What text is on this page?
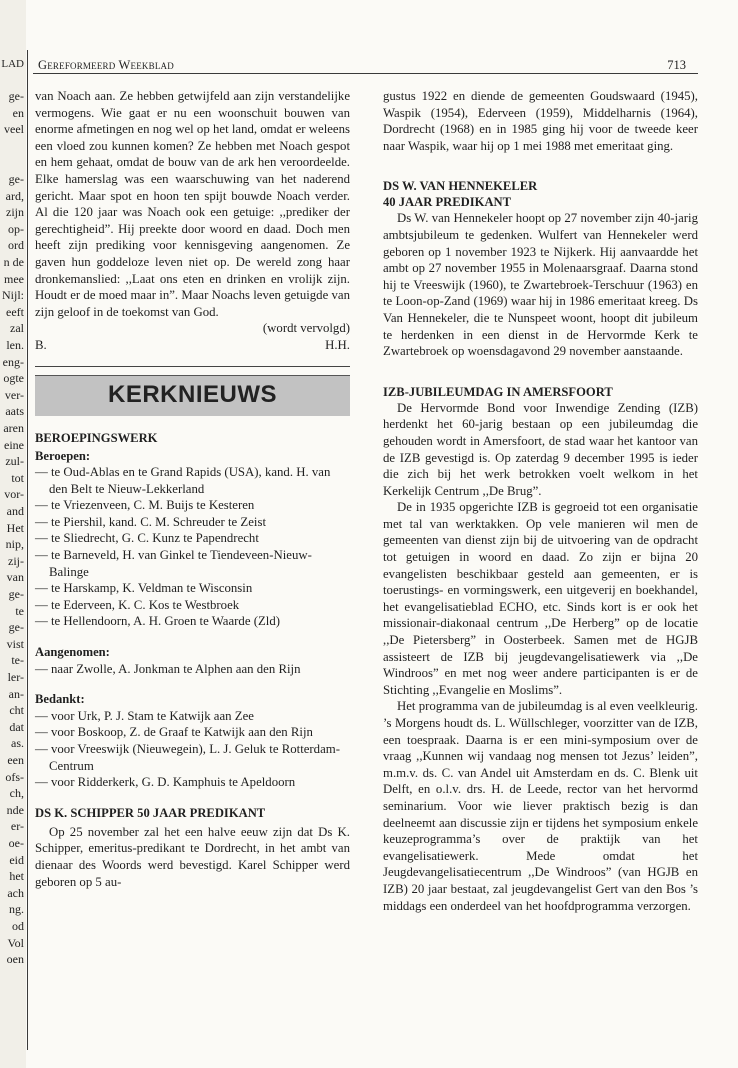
LAD
ge-
en
veel
ge-
ard,
zijn
op-
ord
n de
mee
Nijl:
eeft
zal
len.
eng-
ogte
ver-
aats
aren
eine
zul-
tot
vor-
and
Het
nip,
zij-
van
ge-
te
ge-
vist
te-
ler-
an-
cht
dat
as.
een
ofs-
ch,
nde
er-
oe-
eid
het
ach
ng.
od
Vol
oen
Gereformeerd Weekblad	713

van Noach aan. Ze hebben getwijfeld aan zijn verstandelijke vermogens. Wie gaat er nu een woonschuit bouwen van enorme afmetingen en nog wel op het land, omdat er weleens een vloed zou kunnen komen? Ze hebben met Noach gespot en hem gehaat, omdat de bouw van de ark hen veroordeelde. Elke hamerslag was een waarschuwing van het naderend gericht. Maar spot en hoon ten spijt bouwde Noach verder. Al die 120 jaar was Noach ook een getuige: ,,prediker der gerechtigheid”. Hij preekte door woord en daad. Doch men heeft zijn prediking voor kennisgeving aangenomen. Ze gaven hun goddeloze leven niet op. De wereld zong haar dronkemanslied: ,,Laat ons eten en drinken en vrolijk zijn. Houdt er de moed maar in”. Maar Noachs leven getuigde van zijn geloof in de toekomst van God.

(wordt vervolgd)
B.	H.H.
KERKNIEUWS

BEROEPINGSWERK

Beroepen:

— te Oud-Ablas en te Grand Rapids (USA), kand. H. van den Belt te Nieuw-Lekkerland
— te Vriezenveen, C. M. Buijs te Kesteren
— te Piershil, kand. C. M. Schreuder te Zeist
— te Sliedrecht, G. C. Kunz te Papendrecht
— te Barneveld, H. van Ginkel te Tiendeveen-Nieuw-Balinge
— te Harskamp, K. Veldman te Wisconsin
— te Ederveen, K. C. Kos te Westbroek
— te Hellendoorn, A. H. Groen te Waarde (Zld)

Aangenomen:

— naar Zwolle, A. Jonkman te Alphen aan den Rijn

Bedankt:

— voor Urk, P. J. Stam te Katwijk aan Zee
— voor Boskoop, Z. de Graaf te Katwijk aan den Rijn
— voor Vreeswijk (Nieuwegein), L. J. Geluk te Rotterdam-Centrum
— voor Ridderkerk, G. D. Kamphuis te Apeldoorn

DS K. SCHIPPER 50 JAAR PREDIKANT

Op 25 november zal het een halve eeuw zijn dat Ds K. Schipper, emeritus-predikant te Dordrecht, in het ambt van dienaar des Woords werd bevestigd. Karel Schipper werd geboren op 5 au-

gustus 1922 en diende de gemeenten Goudswaard (1945), Waspik (1954), Ederveen (1959), Middelharnis (1964), Dordrecht (1968) en in 1985 ging hij voor de tweede keer naar Waspik, waar hij op 1 mei 1988 met emeritaat ging.

DS W. VAN HENNEKELER

40 JAAR PREDIKANT

Ds W. van Hennekeler hoopt op 27 november zijn 40-jarig ambtsjubileum te gedenken. Wulfert van Hennekeler werd geboren op 1 november 1923 te Nijkerk. Hij aanvaardde het ambt op 27 november 1955 in Molenaarsgraaf. Daarna stond hij te Vreeswijk (1960), te Zwartebroek-Terschuur (1963) en te Loon-op-Zand (1969) waar hij in 1986 emeritaat kreeg. Ds Van Hennekeler, die te Nunspeet woont, hoopt dit jubileum te herdenken in een dienst in de Hervormde Kerk te Zwartebroek op woensdagavond 29 november aanstaande.

IZB-JUBILEUMDAG IN AMERSFOORT

De Hervormde Bond voor Inwendige Zending (IZB) herdenkt het 60-jarig bestaan op een jubileumdag die gehouden wordt in Amersfoort, de stad waar het kantoor van de IZB gevestigd is. Op zaterdag 9 december 1995 is ieder die zich bij het werk betrokken voelt welkom in het Kerkelijk Centrum ,,De Brug”.

De in 1935 opgerichte IZB is gegroeid tot een organisatie met tal van werktakken. Op vele manieren wil men de gemeenten van dienst zijn bij de uitvoering van de opdracht tot getuigen in woord en daad. Zo zijn er bijna 20 evangelisten beschikbaar gesteld aan gemeenten, er is toerustings- en vormingswerk, een uitgeverij en boekhandel, het evangelisatieblad ECHO, etc. Sinds kort is er ook het missionair-diakonaal centrum ,,De Herberg” op de locatie ,,De Pietersberg” in Oosterbeek. Samen met de HGJB assisteert de IZB bij jeugdevangelisatiewerk via ,,De Windroos” en met nog weer andere participanten is er de Stichting ,,Evangelie en Moslims”.

Het programma van de jubileumdag is al even veelkleurig. ’s Morgens houdt ds. L. Wüllschleger, voorzitter van de IZB, een toespraak. Daarna is er een mini-symposium over de vraag ,,Kunnen wij vandaag nog mensen tot Jezus’ leiden”, m.m.v. ds. C. van Andel uit Amsterdam en ds. C. Blenk uit Delft, en o.l.v. drs. H. de Leede, rector van het hervormd seminarium. Voor wie liever praktisch bezig is dan deelneemt aan discussie zijn er tijdens het symposium enkele keuzeprogramma’s over de praktijk van het evangelisatiewerk. Mede omdat het Jeugdevangelisatiecentrum ,,De Windroos” (van HGJB en IZB) 20 jaar bestaat, zal jeugdevangelist Gert van den Bos ’s middags een onderdeel van het hoofdprogramma verzorgen.
